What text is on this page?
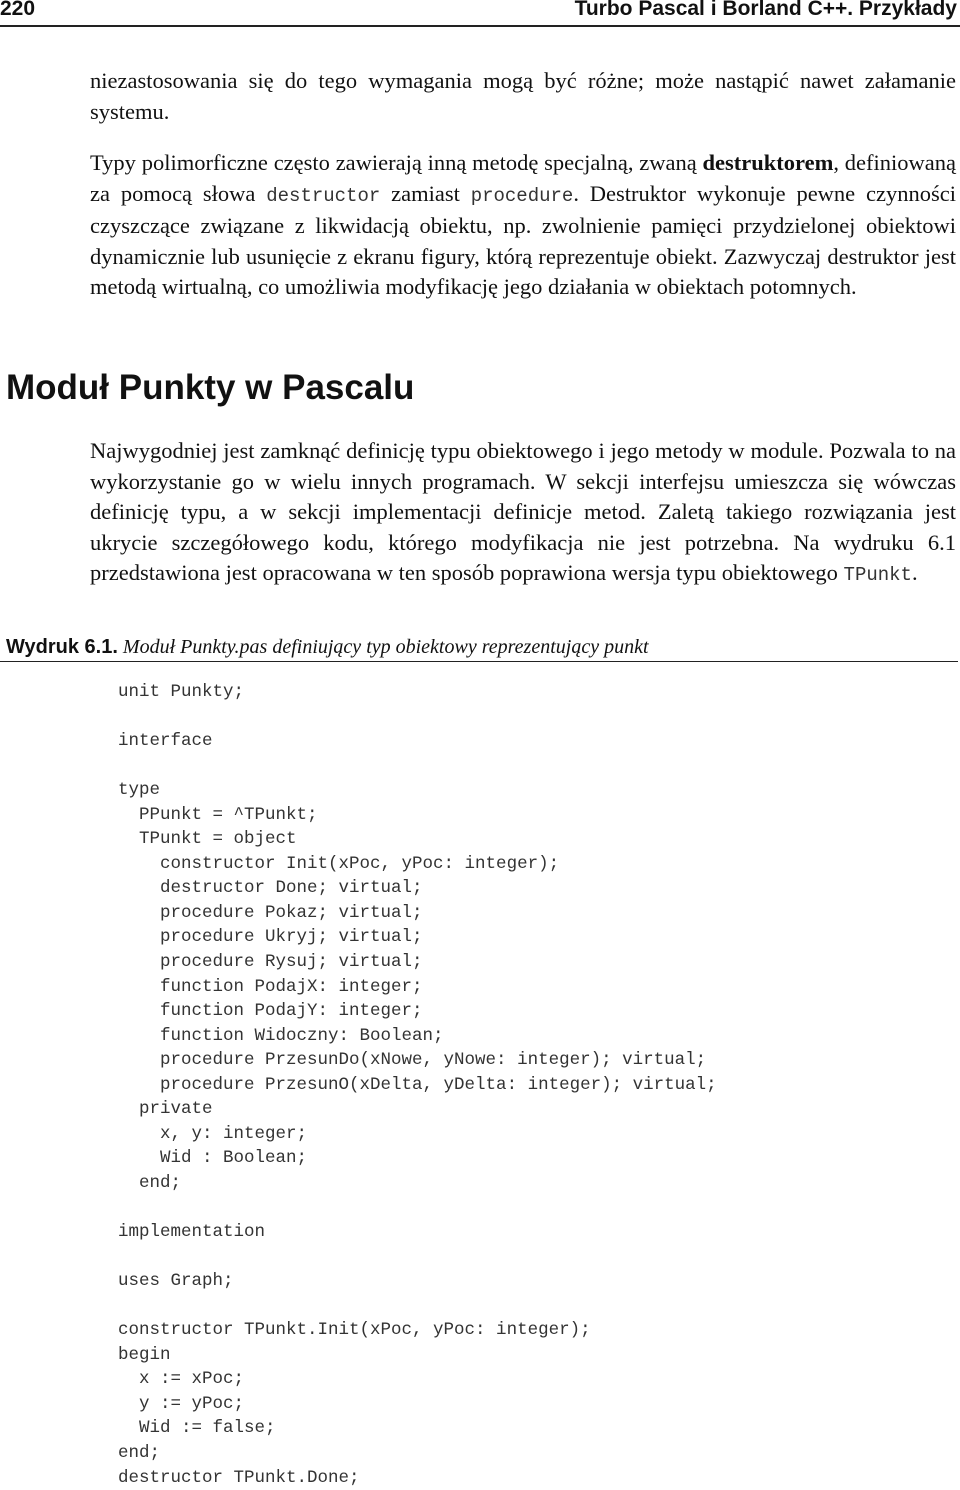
220	Turbo Pascal i Borland C++. Przykłady

niezastosowania się do tego wymagania mogą być różne; może nastąpić nawet załamanie systemu.

Typy polimorficzne często zawierają inną metodę specjalną, zwaną destruktorem, definiowaną za pomocą słowa destructor zamiast procedure. Destruktor wykonuje pewne czynności czyszczące związane z likwidacją obiektu, np. zwolnienie pamięci przydzielonej obiektowi dynamicznie lub usunięcie z ekranu figury, którą reprezentuje obiekt. Zazwyczaj destruktor jest metodą wirtualną, co umożliwia modyfikację jego działania w obiektach potomnych.

Moduł Punkty w Pascalu

Najwygodniej jest zamknąć definicję typu obiektowego i jego metody w module. Pozwala to na wykorzystanie go w wielu innych programach. W sekcji interfejsu umieszcza się wówczas definicję typu, a w sekcji implementacji definicje metod. Zaletą takiego rozwiązania jest ukrycie szczegółowego kodu, którego modyfikacja nie jest potrzebna. Na wydruku 6.1 przedstawiona jest opracowana w ten sposób poprawiona wersja typu obiektowego TPunkt.

Wydruk 6.1. Moduł Punkty.pas definiujący typ obiektowy reprezentujący punkt
unit Punkty;
interface
type
PPunkt = ^TPunkt;
TPunkt = object
constructor Init(xPoc, yPoc: integer);
destructor Done; virtual;
procedure Pokaz; virtual;
procedure Ukryj; virtual;
procedure Rysuj; virtual;
function PodajX: integer;
function PodajY: integer;
function Widoczny: Boolean;
procedure PrzesunDo(xNowe, yNowe: integer); virtual;
procedure PrzesunO(xDelta, yDelta: integer); virtual;
private
x, y: integer;
Wid : Boolean;
end;
implementation
uses Graph;
constructor TPunkt.Init(xPoc, yPoc: integer);
begin
x := xPoc;
y := yPoc;
Wid := false;
end;
destructor TPunkt.Done;
